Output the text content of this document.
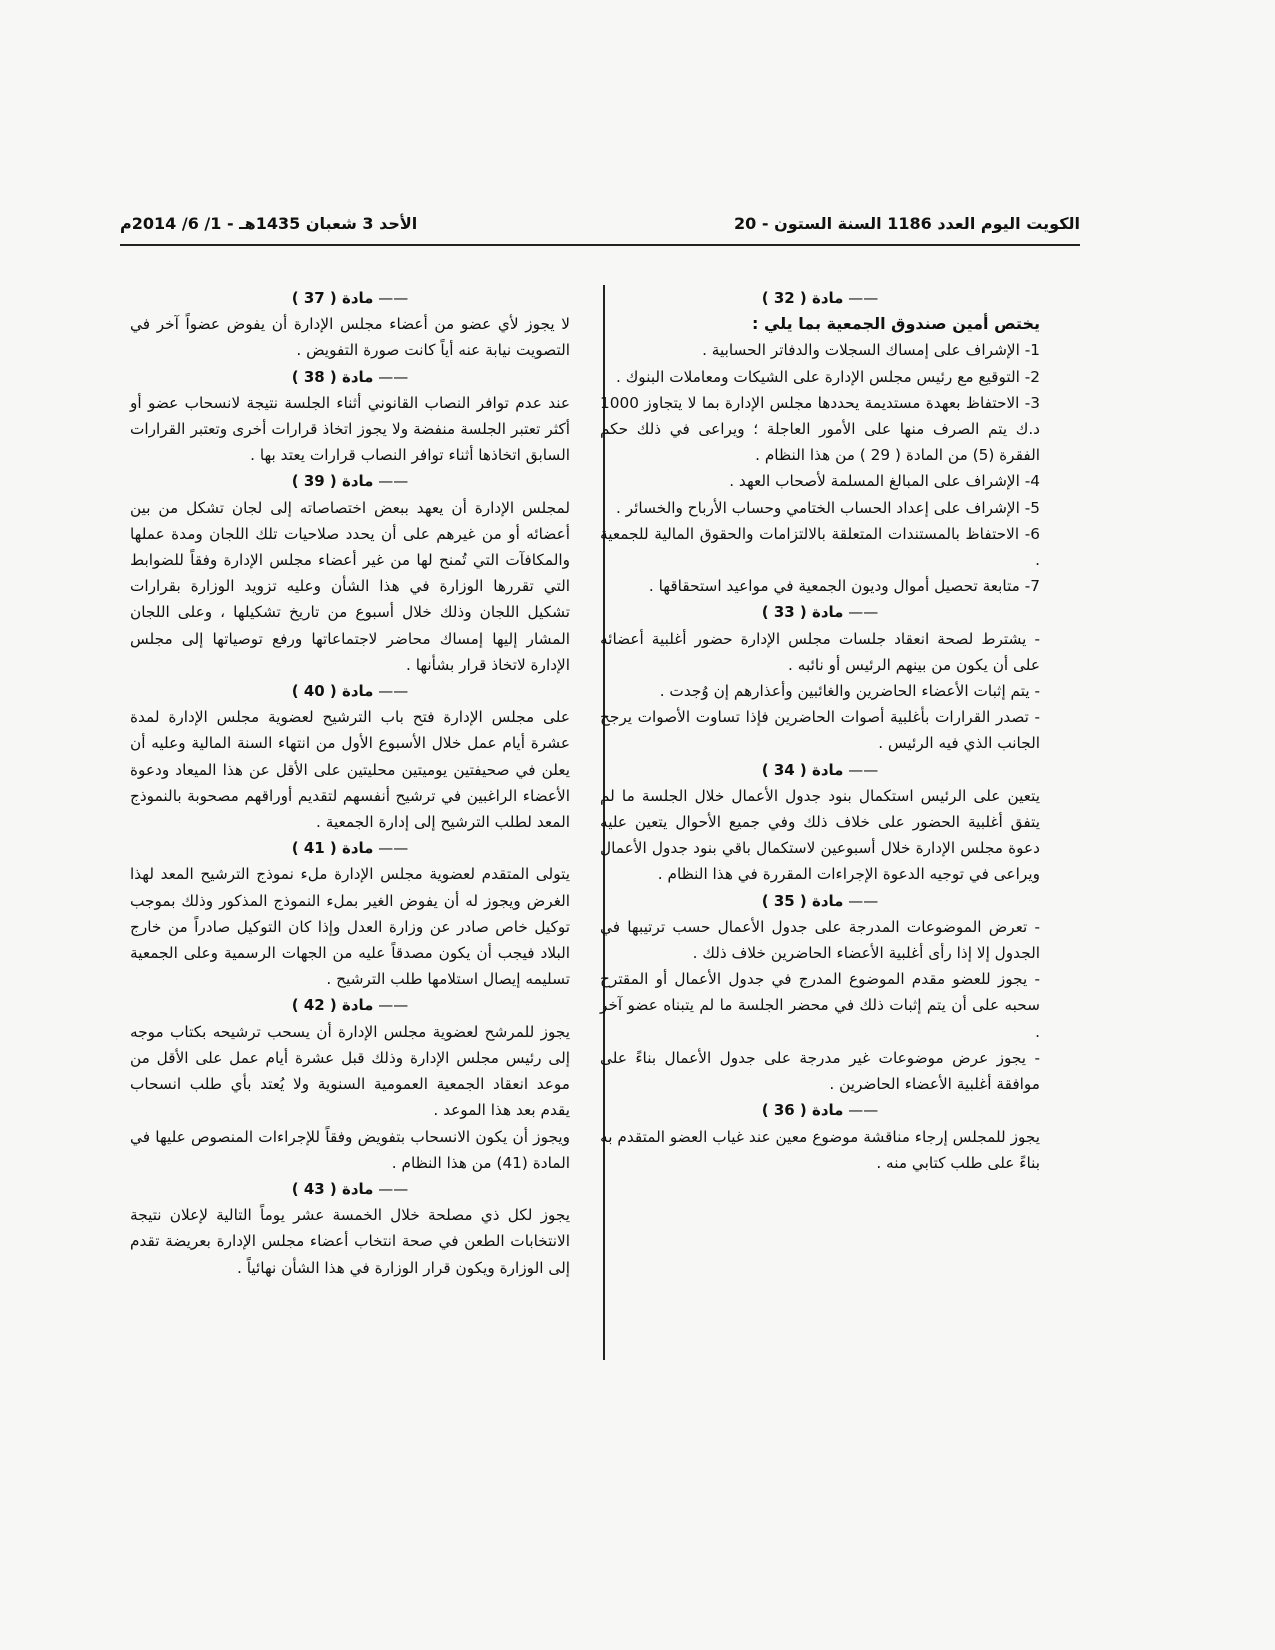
الكويت اليوم العدد 1186 السنة الستون - 20
الأحد 3 شعبان 1435هـ - 1/ 6/ 2014م
—— مادة ( 32 )
يختص أمين صندوق الجمعية بما يلي :
1- الإشراف على إمساك السجلات والدفاتر الحسابية .
2- التوقيع مع رئيس مجلس الإدارة على الشيكات ومعاملات البنوك .
3- الاحتفاظ بعهدة مستديمة يحددها مجلس الإدارة بما لا يتجاوز 1000 د.ك يتم الصرف منها على الأمور العاجلة ؛ ويراعى في ذلك حكم الفقرة (5) من المادة ( 29 ) من هذا النظام .
4- الإشراف على المبالغ المسلمة لأصحاب العهد .
5- الإشراف على إعداد الحساب الختامي وحساب الأرباح والخسائر .
6- الاحتفاظ بالمستندات المتعلقة بالالتزامات والحقوق المالية للجمعية .
7- متابعة تحصيل أموال وديون الجمعية في مواعيد استحقاقها .
—— مادة ( 33 )

- يشترط لصحة انعقاد جلسات مجلس الإدارة حضور أغلبية أعضائه على أن يكون من بينهم الرئيس أو نائبه .

- يتم إثبات الأعضاء الحاضرين والغائبين وأعذارهم إن وُجدت .

- تصدر القرارات بأغلبية أصوات الحاضرين فإذا تساوت الأصوات يرجح الجانب الذي فيه الرئيس .

—— مادة ( 34 )

يتعين على الرئيس استكمال بنود جدول الأعمال خلال الجلسة ما لم يتفق أغلبية الحضور على خلاف ذلك وفي جميع الأحوال يتعين عليه دعوة مجلس الإدارة خلال أسبوعين لاستكمال باقي بنود جدول الأعمال ويراعى في توجيه الدعوة الإجراءات المقررة في هذا النظام .

—— مادة ( 35 )

- تعرض الموضوعات المدرجة على جدول الأعمال حسب ترتيبها في الجدول إلا إذا رأى أغلبية الأعضاء الحاضرين خلاف ذلك .

- يجوز للعضو مقدم الموضوع المدرج في جدول الأعمال أو المقترح سحبه على أن يتم إثبات ذلك في محضر الجلسة ما لم يتبناه عضو آخر .

- يجوز عرض موضوعات غير مدرجة على جدول الأعمال بناءً على موافقة أغلبية الأعضاء الحاضرين .

—— مادة ( 36 )

يجوز للمجلس إرجاء مناقشة موضوع معين عند غياب العضو المتقدم به بناءً على طلب كتابي منه .

—— مادة ( 37 )

لا يجوز لأي عضو من أعضاء مجلس الإدارة أن يفوض عضواً آخر في التصويت نيابة عنه أياً كانت صورة التفويض .

—— مادة ( 38 )

عند عدم توافر النصاب القانوني أثناء الجلسة نتيجة لانسحاب عضو أو أكثر تعتبر الجلسة منفضة ولا يجوز اتخاذ قرارات أخرى وتعتبر القرارات السابق اتخاذها أثناء توافر النصاب قرارات يعتد بها .

—— مادة ( 39 )

لمجلس الإدارة أن يعهد ببعض اختصاصاته إلى لجان تشكل من بين أعضائه أو من غيرهم على أن يحدد صلاحيات تلك اللجان ومدة عملها والمكافآت التي تُمنح لها من غير أعضاء مجلس الإدارة وفقاً للضوابط التي تقررها الوزارة في هذا الشأن وعليه تزويد الوزارة بقرارات تشكيل اللجان وذلك خلال أسبوع من تاريخ تشكيلها ، وعلى اللجان المشار إليها إمساك محاضر لاجتماعاتها ورفع توصياتها إلى مجلس الإدارة لاتخاذ قرار بشأنها .

—— مادة ( 40 )

على مجلس الإدارة فتح باب الترشيح لعضوية مجلس الإدارة لمدة عشرة أيام عمل خلال الأسبوع الأول من انتهاء السنة المالية وعليه أن يعلن في صحيفتين يوميتين محليتين على الأقل عن هذا الميعاد ودعوة الأعضاء الراغبين في ترشيح أنفسهم لتقديم أوراقهم مصحوبة بالنموذج المعد لطلب الترشيح إلى إدارة الجمعية .

—— مادة ( 41 )

يتولى المتقدم لعضوية مجلس الإدارة ملء نموذج الترشيح المعد لهذا الغرض ويجوز له أن يفوض الغير بملء النموذج المذكور وذلك بموجب توكيل خاص صادر عن وزارة العدل وإذا كان التوكيل صادراً من خارج البلاد فيجب أن يكون مصدقاً عليه من الجهات الرسمية وعلى الجمعية تسليمه إيصال استلامها طلب الترشيح .

—— مادة ( 42 )

يجوز للمرشح لعضوية مجلس الإدارة أن يسحب ترشيحه بكتاب موجه إلى رئيس مجلس الإدارة وذلك قبل عشرة أيام عمل على الأقل من موعد انعقاد الجمعية العمومية السنوية ولا يُعتد بأي طلب انسحاب يقدم بعد هذا الموعد .

ويجوز أن يكون الانسحاب بتفويض وفقاً للإجراءات المنصوص عليها في المادة (41) من هذا النظام .

—— مادة ( 43 )

يجوز لكل ذي مصلحة خلال الخمسة عشر يوماً التالية لإعلان نتيجة الانتخابات الطعن في صحة انتخاب أعضاء مجلس الإدارة بعريضة تقدم إلى الوزارة ويكون قرار الوزارة في هذا الشأن نهائياً .
